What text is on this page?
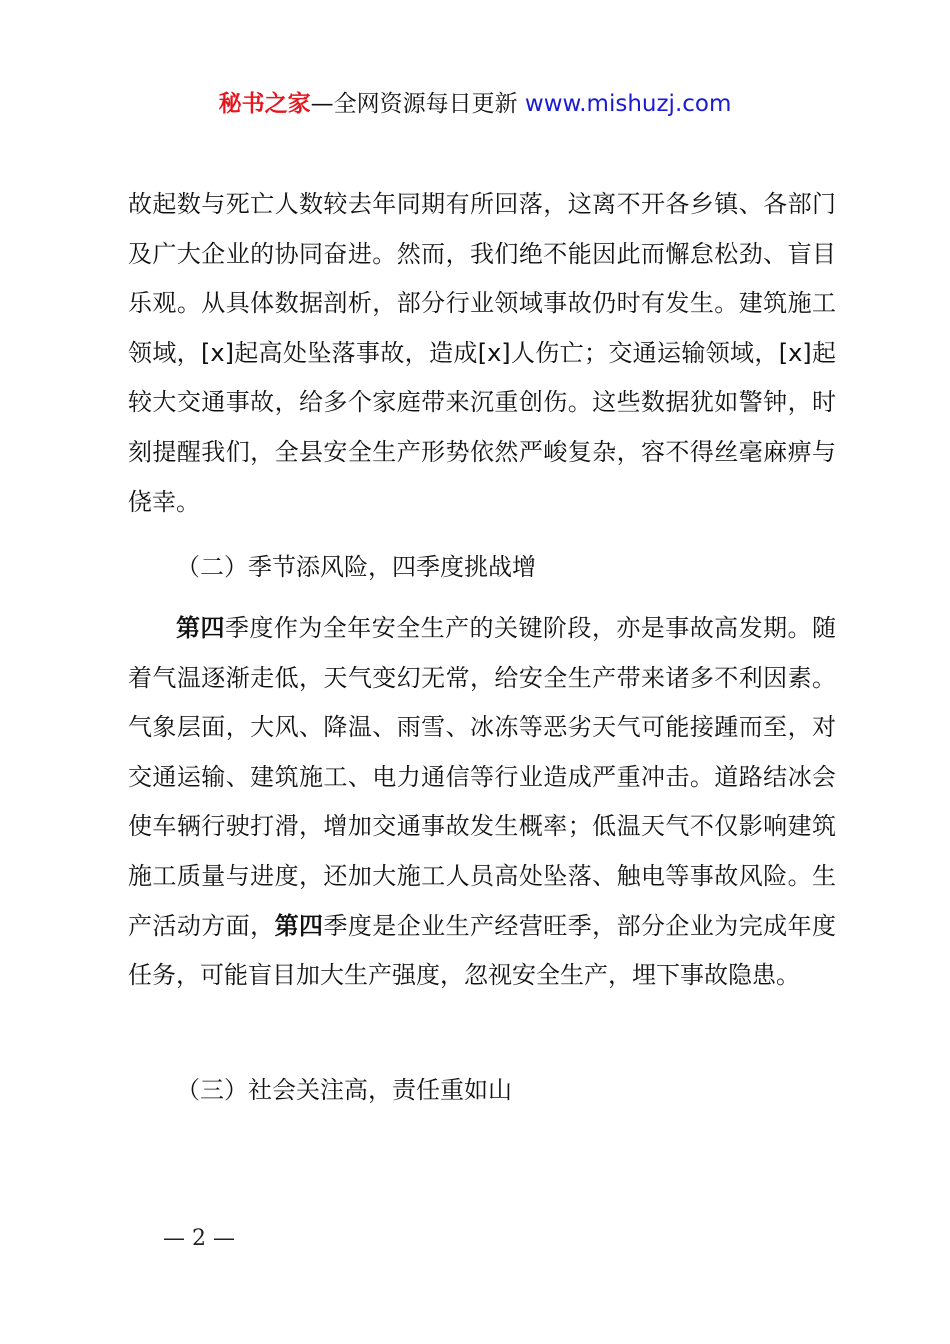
秘书之家—全网资源每日更新 www.mishuzj.com

故起数与死亡人数较去年同期有所回落，这离不开各乡镇、各部门及广大企业的协同奋进。然而，我们绝不能因此而懈怠松劲、盲目乐观。从具体数据剖析，部分行业领域事故仍时有发生。建筑施工领域，[x]起高处坠落事故，造成[x]人伤亡；交通运输领域，[x]起较大交通事故，给多个家庭带来沉重创伤。这些数据犹如警钟，时刻提醒我们，全县安全生产形势依然严峻复杂，容不得丝毫麻痹与侥幸。

（二）季节添风险，四季度挑战增

第四季度作为全年安全生产的关键阶段，亦是事故高发期。随着气温逐渐走低，天气变幻无常，给安全生产带来诸多不利因素。气象层面，大风、降温、雨雪、冰冻等恶劣天气可能接踵而至，对交通运输、建筑施工、电力通信等行业造成严重冲击。道路结冰会使车辆行驶打滑，增加交通事故发生概率；低温天气不仅影响建筑施工质量与进度，还加大施工人员高处坠落、触电等事故风险。生产活动方面，第四季度是企业生产经营旺季，部分企业为完成年度任务，可能盲目加大生产强度，忽视安全生产，埋下事故隐患。

（三）社会关注高，责任重如山

— 2 —
